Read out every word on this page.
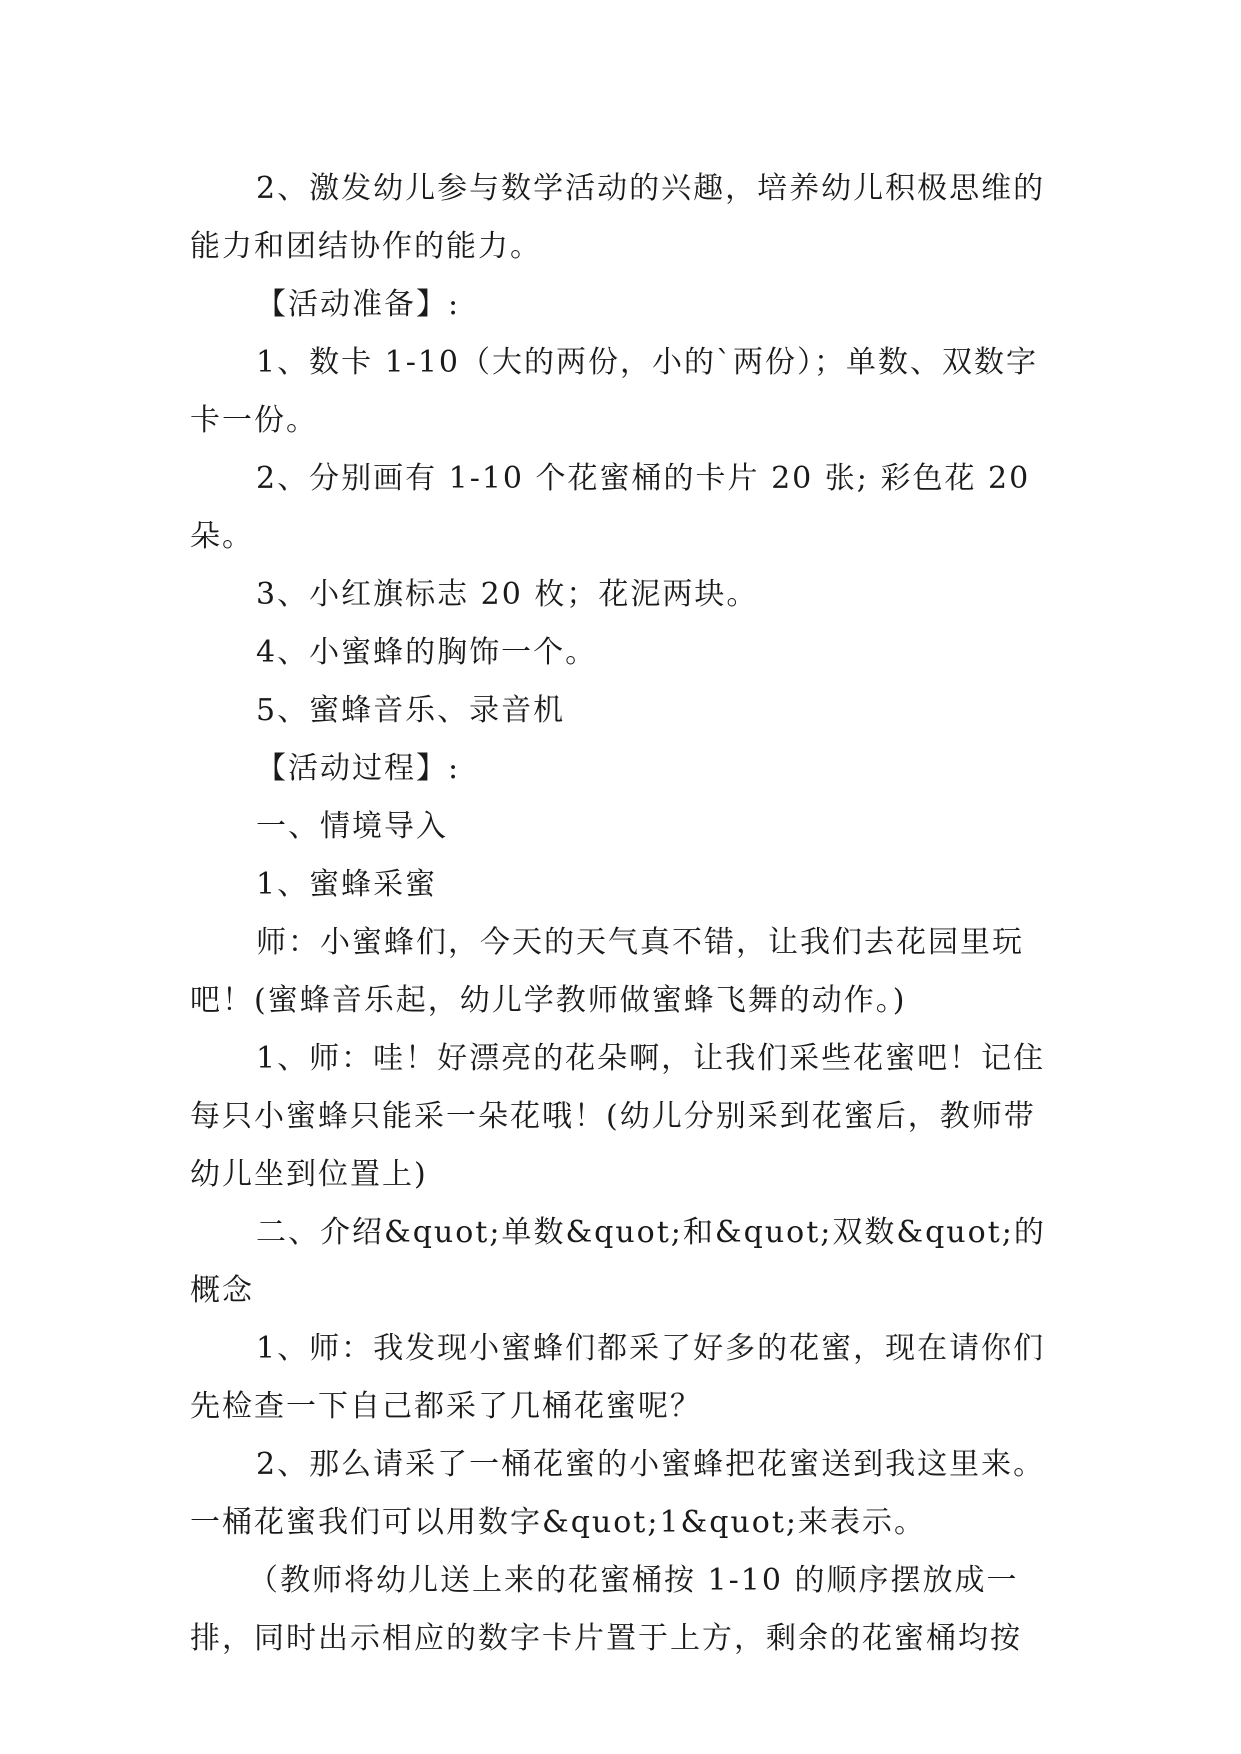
2、激发幼儿参与数学活动的兴趣，培养幼儿积极思维的能力和团结协作的能力。

【活动准备】:

1、数卡 1-10（大的两份，小的`两份）；单数、双数字卡一份。

2、分别画有 1-10 个花蜜桶的卡片 20 张; 彩色花 20 朵。

3、小红旗标志 20 枚；花泥两块。

4、小蜜蜂的胸饰一个。

5、蜜蜂音乐、录音机

【活动过程】:

一、情境导入

1、蜜蜂采蜜

师：小蜜蜂们，今天的天气真不错，让我们去花园里玩吧！(蜜蜂音乐起，幼儿学教师做蜜蜂飞舞的动作。)

1、师：哇！好漂亮的花朵啊，让我们采些花蜜吧！记住每只小蜜蜂只能采一朵花哦！(幼儿分别采到花蜜后，教师带幼儿坐到位置上)

二、介绍&quot;单数&quot;和&quot;双数&quot;的概念

1、师：我发现小蜜蜂们都采了好多的花蜜，现在请你们先检查一下自己都采了几桶花蜜呢？

2、那么请采了一桶花蜜的小蜜蜂把花蜜送到我这里来。一桶花蜜我们可以用数字&quot;1&quot;来表示。

（教师将幼儿送上来的花蜜桶按 1-10 的顺序摆放成一排，同时出示相应的数字卡片置于上方，剩余的花蜜桶均按
